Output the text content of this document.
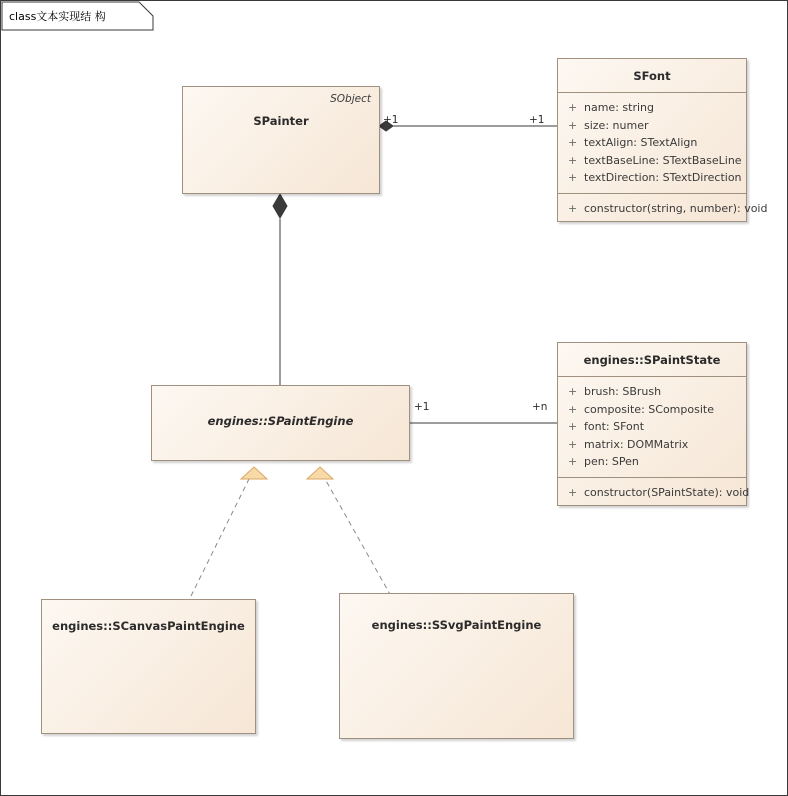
class文本实现结 构
SObject
SPainter
SFont
+ name: string
+ size: numer
+ textAlign: STextAlign
+ textBaseLine: STextBaseLine
+ textDirection: STextDirection
+ constructor(string, number): void
engines::SPaintEngine
engines::SPaintState
+ brush: SBrush
+ composite: SComposite
+ font: SFont
+ matrix: DOMMatrix
+ pen: SPen
+ constructor(SPaintState): void
engines::SCanvasPaintEngine	engines::SSvgPaintEngine
+1	+1
+1	+n
